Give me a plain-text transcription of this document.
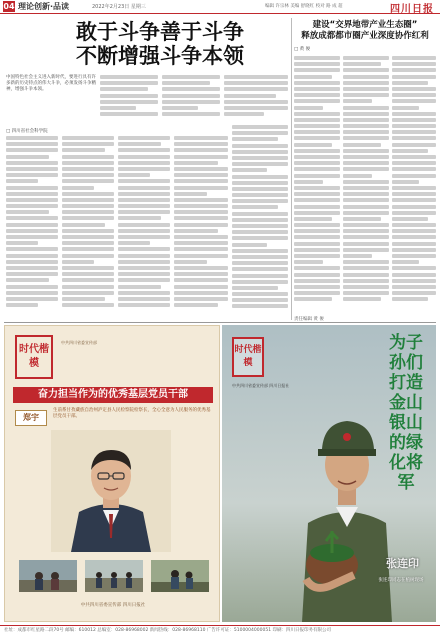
04 理论创新·品读	2022年2月23日 星期三	编辑 许宗林 美编 舒晓红 校对 路 成 超	四川日报
敢于斗争善于斗争
不断增强斗争本领

中国特色社会主义进入新时代，要进行具有许多新的历史特点的伟大斗争，必须发扬斗争精神，增强斗争本领。

□ 四川省社会科学院
建设“交界地带产业生态圈”
释放成都都市圈产业深度协作红利
□ 黄 俊
责任编辑 黄 俊
时代楷模
中共四川省委宣传部
奋力担当作为的优秀基层党员干部
郑宇
生前系甘孜藏族自治州泸定县人民检察院检察长，全心全意为人民服务的优秀基层党员干部。
中共四川省委宣传部 四川日报社
时代楷模
中共四川省委宣传部 四川日报社
为子孙们打造金山银山的绿化将军
张连印
张连印同志在植树现场
社址：成都市红星路二段70号 邮编：610012 总编室：028-86968002 新闻热线：028-86968110 广告许可证：5100004000051 印刷：四川日报印务有限公司
